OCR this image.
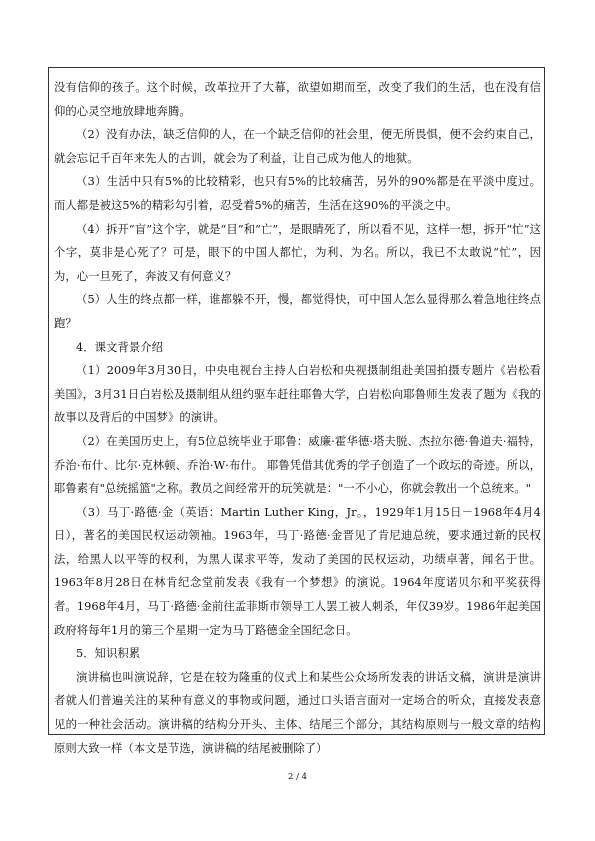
没有信仰的孩子。这个时候，改革拉开了大幕，欲望如期而至，改变了我们的生活，也在没有信仰的心灵空地放肆地奔腾。

（2）没有办法，缺乏信仰的人，在一个缺乏信仰的社会里，便无所畏惧，便不会约束自己，就会忘记千百年来先人的古训，就会为了利益，让自己成为他人的地狱。

（3）生活中只有5%的比较精彩，也只有5%的比较痛苦，另外的90%都是在平淡中度过。而人都是被这5%的精彩勾引着，忍受着5%的痛苦，生活在这90%的平淡之中。

（4）拆开“盲”这个字，就是“目”和“亡”，是眼睛死了，所以看不见，这样一想，拆开“忙”这个字，莫非是心死了？可是，眼下的中国人都忙，为利、为名。所以，我已不太敢说“忙”，因为，心一旦死了，奔波又有何意义？

（5）人生的终点都一样，谁都躲不开，慢，都觉得快，可中国人怎么显得那么着急地往终点跑？

4．课文背景介绍

（1）2009年3月30日，中央电视台主持人白岩松和央视摄制组赴美国拍摄专题片《岩松看美国》，3月31日白岩松及摄制组从纽约驱车赶往耶鲁大学，白岩松向耶鲁师生发表了题为《我的故事以及背后的中国梦》的演讲。

（2）在美国历史上，有5位总统毕业于耶鲁：威廉·霍华德·塔夫脱、杰拉尔德·鲁道夫·福特，乔治·布什、比尔·克林顿、乔治·W·布什。 耶鲁凭借其优秀的学子创造了一个政坛的奇迹。所以，耶鲁素有"总统摇篮"之称。教员之间经常开的玩笑就是："一不小心，你就会教出一个总统来。"

（3）马丁·路德·金（英语：Martin Luther King，Jr。，1929年1月15日－1968年4月4日），著名的美国民权运动领袖。1963年，马丁·路德·金晋见了肯尼迪总统，要求通过新的民权法，给黑人以平等的权利，为黑人谋求平等，发动了美国的民权运动，功绩卓著，闻名于世。1963年8月28日在林肯纪念堂前发表《我有一个梦想》的演说。1964年度诺贝尔和平奖获得者。1968年4月，马丁·路德·金前往孟菲斯市领导工人罢工被人刺杀，年仅39岁。1986年起美国政府将每年1月的第三个星期一定为马丁路德金全国纪念日。

5．知识积累

演讲稿也叫演说辞，它是在较为隆重的仪式上和某些公众场所发表的讲话文稿，演讲是演讲者就人们普遍关注的某种有意义的事物或问题，通过口头语言面对一定场合的听众，直接发表意见的一种社会活动。演讲稿的结构分开头、主体、结尾三个部分，其结构原则与一般文章的结构原则大致一样（本文是节选，演讲稿的结尾被删除了）

2 / 4
